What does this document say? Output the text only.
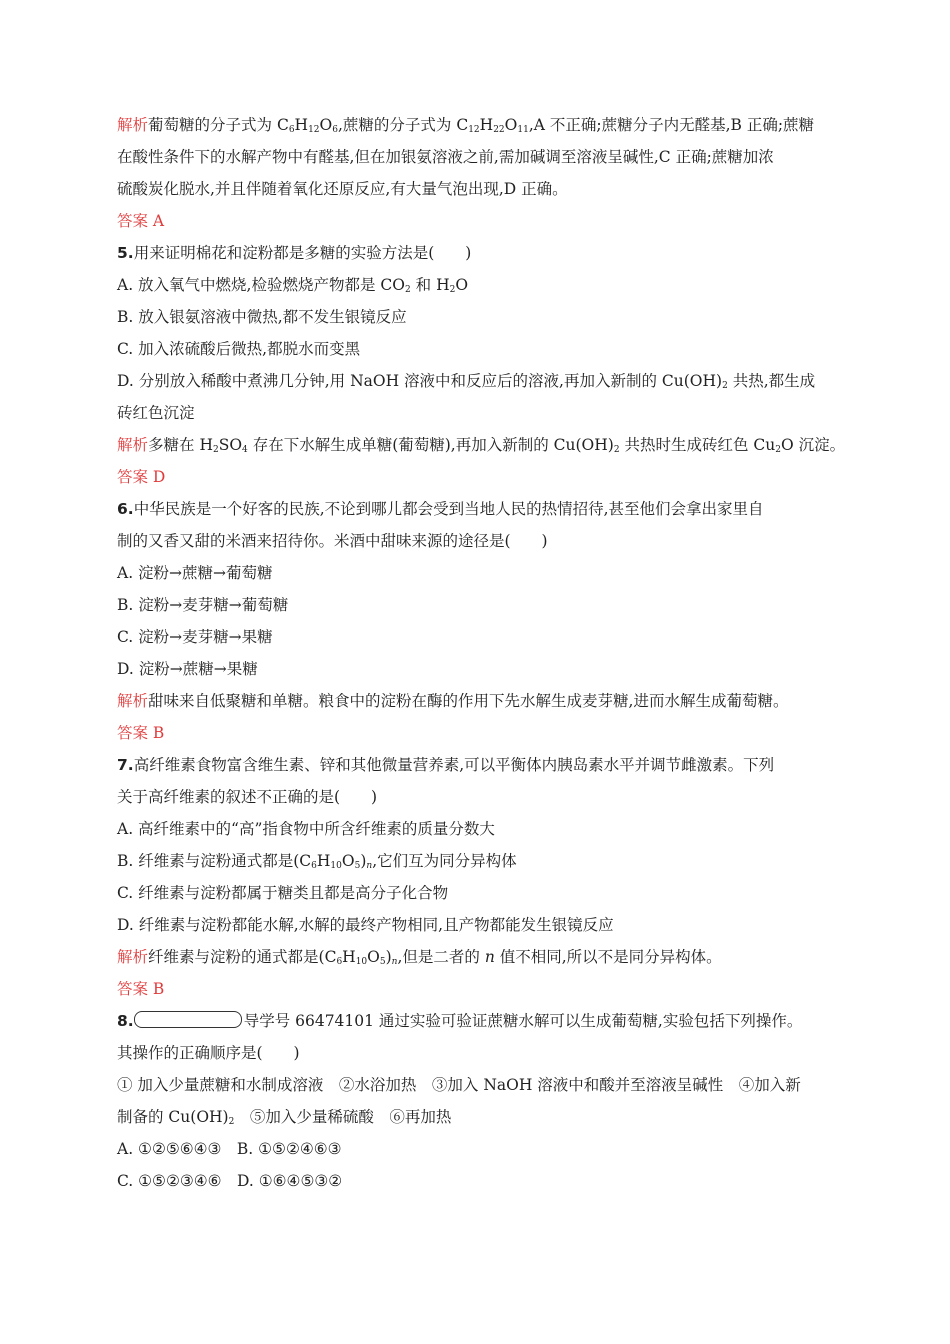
解析葡萄糖的分子式为 $C_6H_{12}O_6$,蔗糖的分子式为 $C_{12}H_{22}O_{11},A$ 不正确;蔗糖分子内无醛基,B 正确;蔗糖
在酸性条件下的水解产物中有醛基,但在加银氨溶液之前,需加碱调至溶液呈碱性,C 正确;蔗糖加浓
硫酸炭化脱水,并且伴随着氧化还原反应,有大量气泡出现,D 正确。
答案 A
5.用来证明棉花和淀粉都是多糖的实验方法是(　　)
A. 放入氧气中燃烧,检验燃烧产物都是 $CO_2$ 和 $H_2O$
B. 放入银氨溶液中微热,都不发生银镜反应
C. 加入浓硫酸后微热,都脱水而变黑
D. 分别放入稀酸中煮沸几分钟,用 NaOH 溶液中和反应后的溶液,再加入新制的 $Cu(OH)_2$ 共热,都生成
砖红色沉淀
解析多糖在 $H_2SO_4$ 存在下水解生成单糖(葡萄糖),再加入新制的 $Cu(OH)_2$ 共热时生成砖红色 $Cu_2O$ 沉淀。
答案 D
6.中华民族是一个好客的民族,不论到哪儿都会受到当地人民的热情招待,甚至他们会拿出家里自
制的又香又甜的米酒来招待你。米酒中甜味来源的途径是(　　)
A. 淀粉→蔗糖→葡萄糖
B. 淀粉→麦芽糖→葡萄糖
C. 淀粉→麦芽糖→果糖
D. 淀粉→蔗糖→果糖
解析甜味来自低聚糖和单糖。粮食中的淀粉在酶的作用下先水解生成麦芽糖,进而水解生成葡萄糖。
答案 B
7.高纤维素食物富含维生素、锌和其他微量营养素,可以平衡体内胰岛素水平并调节雌激素。下列
关于高纤维素的叙述不正确的是(　　)
A. 高纤维素中的“高”指食物中所含纤维素的质量分数大
B. 纤维素与淀粉通式都是$(C_6H_{10}O_5)_n$,它们互为同分异构体
C. 纤维素与淀粉都属于糖类且都是高分子化合物
D. 纤维素与淀粉都能水解,水解的最终产物相同,且产物都能发生银镜反应
解析纤维素与淀粉的通式都是$(C_6H_{10}O_5)_n$,但是二者的 n 值不相同,所以不是同分异构体。
答案 B
8.	导学号 66474101 通过实验可验证蔗糖水解可以生成葡萄糖,实验包括下列操作。
其操作的正确顺序是(　　)
① 加入少量蔗糖和水制成溶液　②水浴加热　③加入 NaOH 溶液中和酸并至溶液呈碱性　④加入新
制备的 $Cu(OH)_2$　⑤加入少量稀硫酸　⑥再加热
A. ①②⑤⑥④③　B. ①⑤②④⑥③
C. ①⑤②③④⑥　D. ①⑥④⑤③②
